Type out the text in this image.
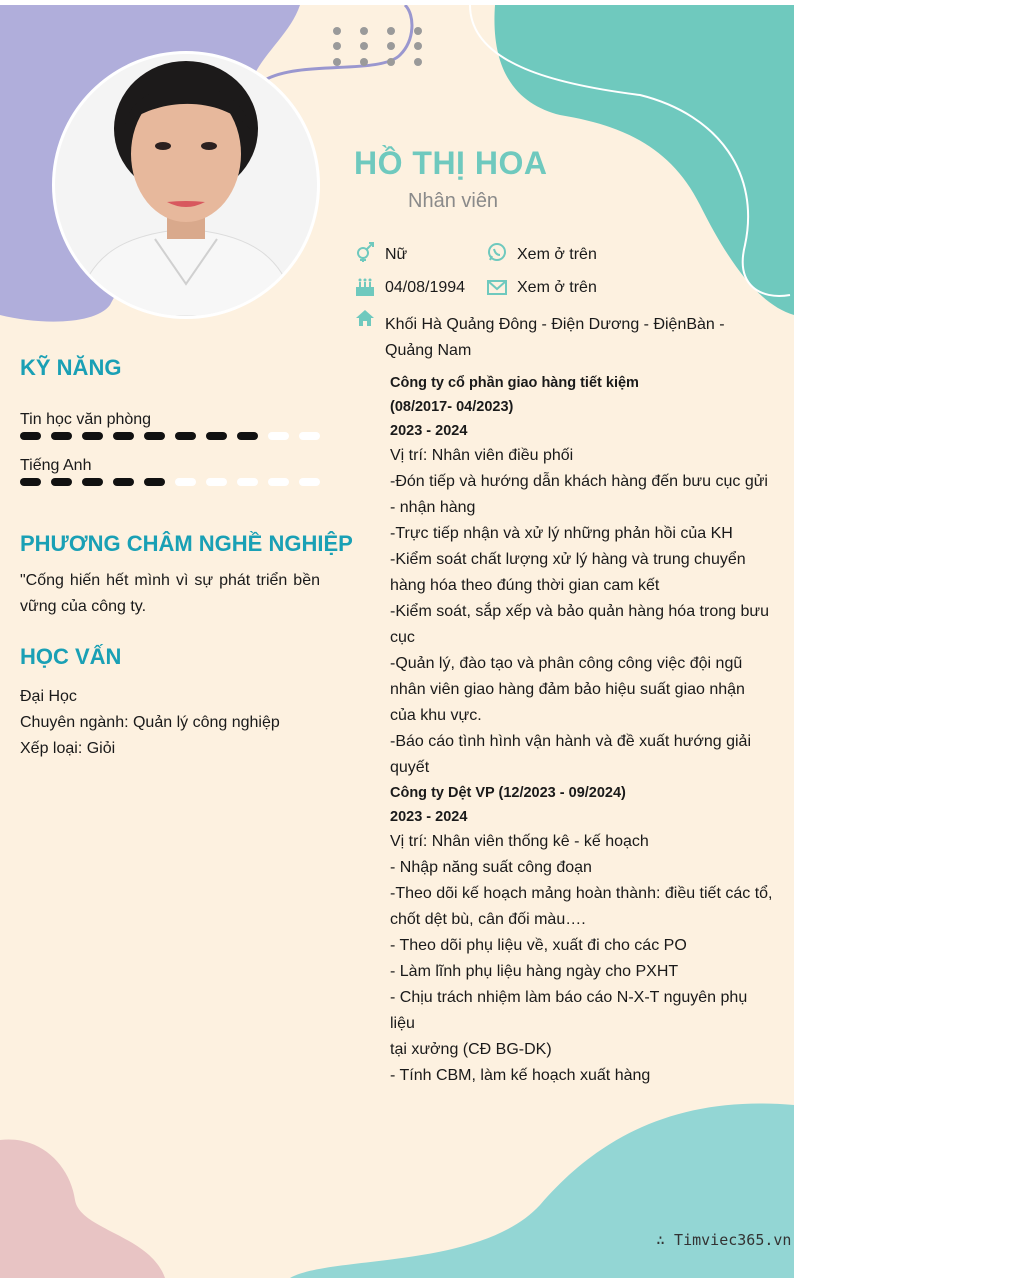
HỒ THỊ HOA
Nhân viên
Nữ	Xem ở trên
04/08/1994	Xem ở trên
Khối Hà Quảng Đông - Điện Dương - ĐiệnBàn -
Quảng Nam
KỸ NĂNG
Tin học văn phòng
Tiếng Anh
PHƯƠNG CHÂM NGHỀ NGHIỆP
"Cống hiến hết mình vì sự phát triển bền
vững của công ty.
HỌC VẤN
Đại Học
Chuyên ngành: Quản lý công nghiệp
Xếp loại: Giỏi
Công ty cổ phần giao hàng tiết kiệm
(08/2017- 04/2023)
2023 - 2024
Vị trí: Nhân viên điều phối
-Đón tiếp và hướng dẫn khách hàng đến bưu cục gửi
- nhận hàng
-Trực tiếp nhận và xử lý những phản hồi của KH
-Kiểm soát chất lượng xử lý hàng và trung chuyển
hàng hóa theo đúng thời gian cam kết
-Kiểm soát, sắp xếp và bảo quản hàng hóa trong bưu
cục
-Quản lý, đào tạo và phân công công việc đội ngũ
nhân viên giao hàng đảm bảo hiệu suất giao nhận
của khu vực.
-Báo cáo tình hình vận hành và đề xuất hướng giải
quyết
Công ty Dệt VP (12/2023 - 09/2024)
2023 - 2024
Vị trí: Nhân viên thống kê - kế hoạch
- Nhập năng suất công đoạn
-Theo dõi kế hoạch mảng hoàn thành: điều tiết các tổ,
chốt dệt bù, cân đối màu….
- Theo dõi phụ liệu về, xuất đi cho các PO
- Làm lĩnh phụ liệu hàng ngày cho PXHT
- Chịu trách nhiệm làm báo cáo N-X-T nguyên phụ liệu
tại xưởng (CĐ BG-DK)
- Tính CBM, làm kế hoạch xuất hàng
∴ Timviec365.vn
